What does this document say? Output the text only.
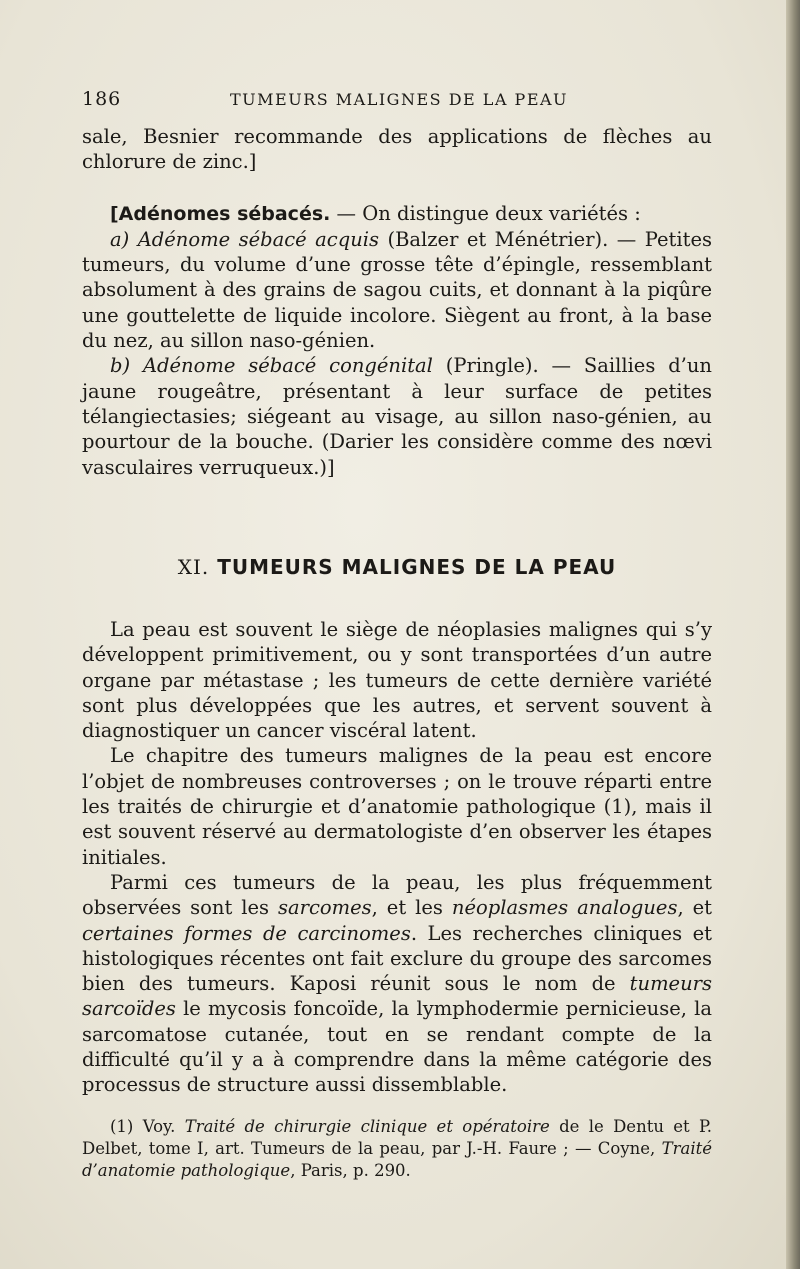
186	TUMEURS MALIGNES DE LA PEAU

sale, Besnier recommande des applications de flèches au chlorure de zinc.]

[Adénomes sébacés. — On distingue deux variétés :

a) Adénome sébacé acquis (Balzer et Ménétrier). — Petites tumeurs, du volume d’une grosse tête d’épingle, ressemblant absolument à des grains de sagou cuits, et donnant à la piqûre une gouttelette de liquide incolore. Siègent au front, à la base du nez, au sillon naso-génien.

b) Adénome sébacé congénital (Pringle). — Saillies d’un jaune rougeâtre, présentant à leur surface de petites télangiectasies; siégeant au visage, au sillon naso-génien, au pourtour de la bouche. (Darier les considère comme des nœvi vasculaires verruqueux.)]

XI. TUMEURS MALIGNES DE LA PEAU

La peau est souvent le siège de néoplasies malignes qui s’y développent primitivement, ou y sont transportées d’un autre organe par métastase ; les tumeurs de cette dernière variété sont plus développées que les autres, et servent souvent à diagnostiquer un cancer viscéral latent.

Le chapitre des tumeurs malignes de la peau est encore l’objet de nombreuses controverses ; on le trouve réparti entre les traités de chirurgie et d’anatomie pathologique (1), mais il est souvent réservé au dermatologiste d’en observer les étapes initiales.

Parmi ces tumeurs de la peau, les plus fréquemment observées sont les sarcomes, et les néoplasmes analogues, et certaines formes de carcinomes. Les recherches cliniques et histologiques récentes ont fait exclure du groupe des sarcomes bien des tumeurs. Kaposi réunit sous le nom de tumeurs sarcoïdes le mycosis foncoïde, la lymphodermie pernicieuse, la sarcomatose cutanée, tout en se rendant compte de la difficulté qu’il y a à comprendre dans la même catégorie des processus de structure aussi dissemblable.

(1) Voy. Traité de chirurgie clinique et opératoire de le Dentu et P. Delbet, tome I, art. Tumeurs de la peau, par J.-H. Faure ; — Coyne, Traité d’anatomie pathologique, Paris, p. 290.
